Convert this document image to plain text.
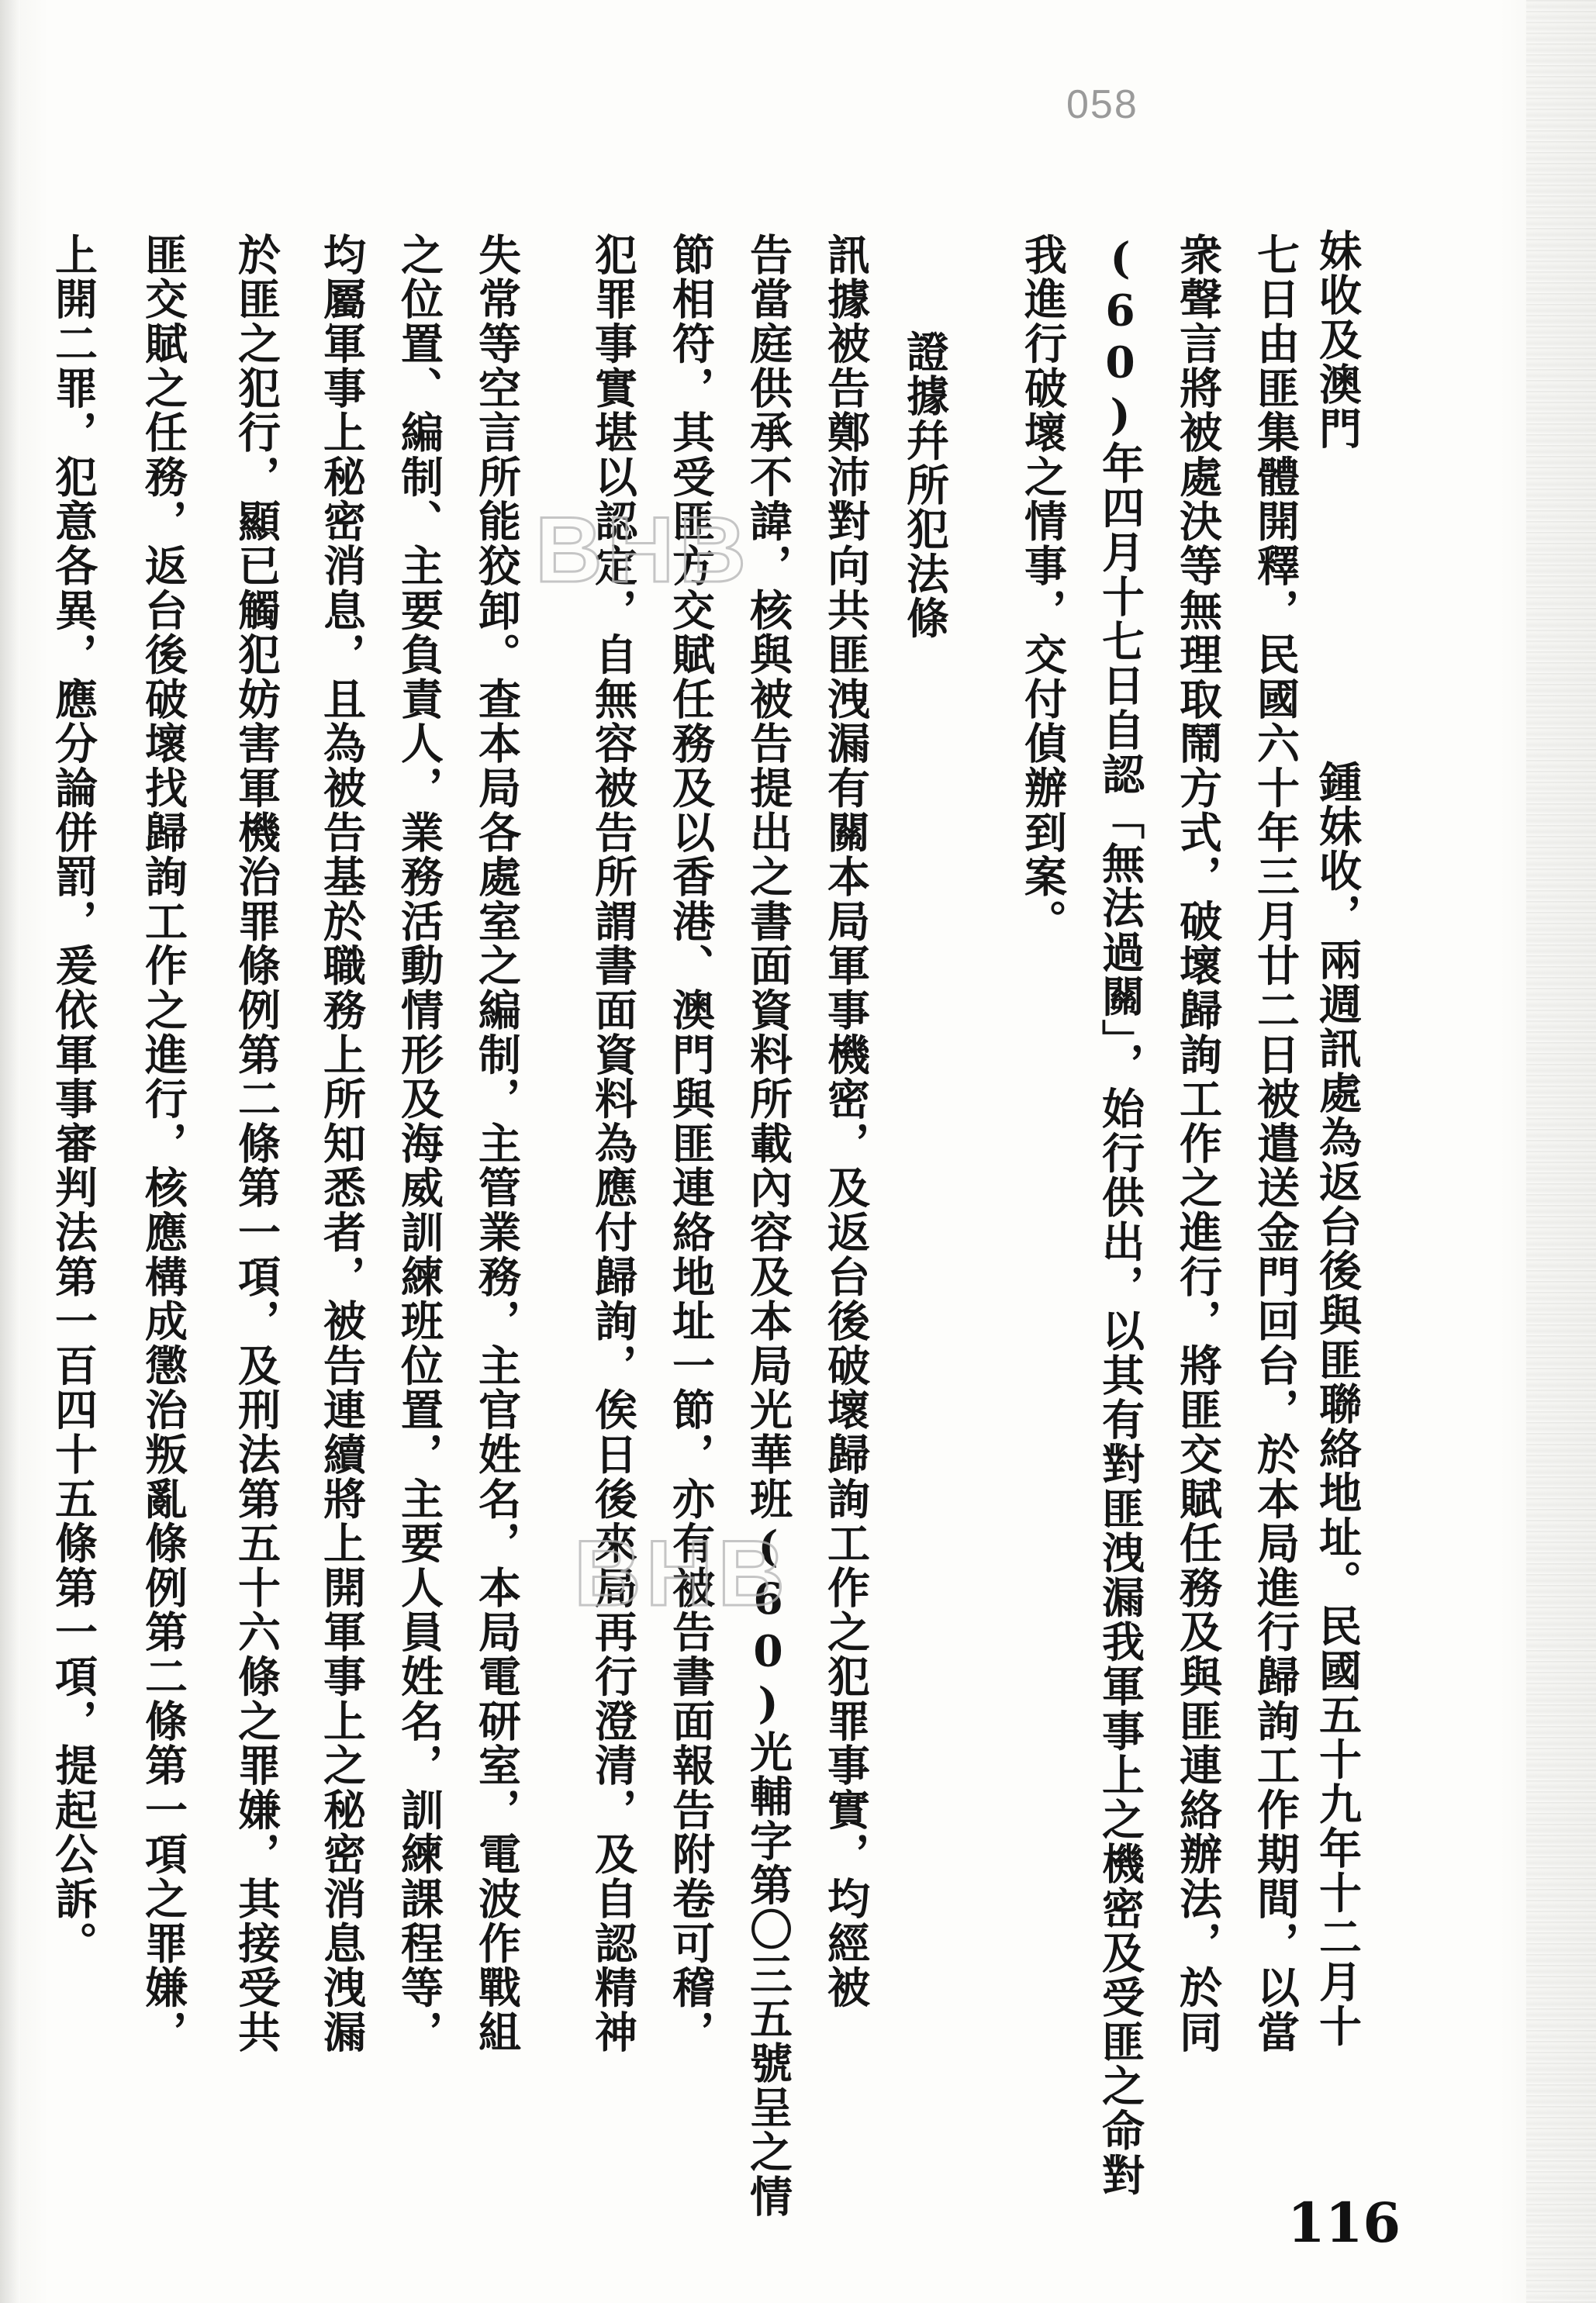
058
妹收及澳門
鍾妹收，兩週訊處為返台後與匪聯絡地址。民國五十九年十二月十
七日由匪集體開釋，民國六十年三月廿二日被遣送金門回台，於本局進行歸詢工作期間，以當
衆聲言將被處決等無理取鬧方式，破壞歸詢工作之進行，將匪交賦任務及與匪連絡辦法，於同
(60)年四月十七日自認「無法過關」，始行供出，以其有對匪洩漏我軍事上之機密及受匪之命對
我進行破壞之情事，交付偵辦到案。
證據幷所犯法條
訊據被告鄭沛對向共匪洩漏有關本局軍事機密，及返台後破壞歸詢工作之犯罪事實，均經被
告當庭供承不諱，核與被告提出之書面資料所載內容及本局光華班(60)光輔字第〇三五號呈之情
節相符，其受匪方交賦任務及以香港、澳門與匪連絡地址一節，亦有被告書面報告附卷可稽，
犯罪事實堪以認定，自無容被告所謂書面資料為應付歸詢，俟日後來局再行澄清，及自認精神
失常等空言所能狡卸。查本局各處室之編制，主管業務，主官姓名，本局電研室，電波作戰組
之位置、編制、主要負責人，業務活動情形及海威訓練班位置，主要人員姓名，訓練課程等，
均屬軍事上秘密消息，且為被告基於職務上所知悉者，被告連續將上開軍事上之秘密消息洩漏
於匪之犯行，顯已觸犯妨害軍機治罪條例第二條第一項，及刑法第五十六條之罪嫌，其接受共
匪交賦之任務，返台後破壞找歸詢工作之進行，核應構成懲治叛亂條例第二條第一項之罪嫌，
上開二罪，犯意各異，應分論併罰，爰依軍事審判法第一百四十五條第一項，提起公訴。	BHB
BHB
116
